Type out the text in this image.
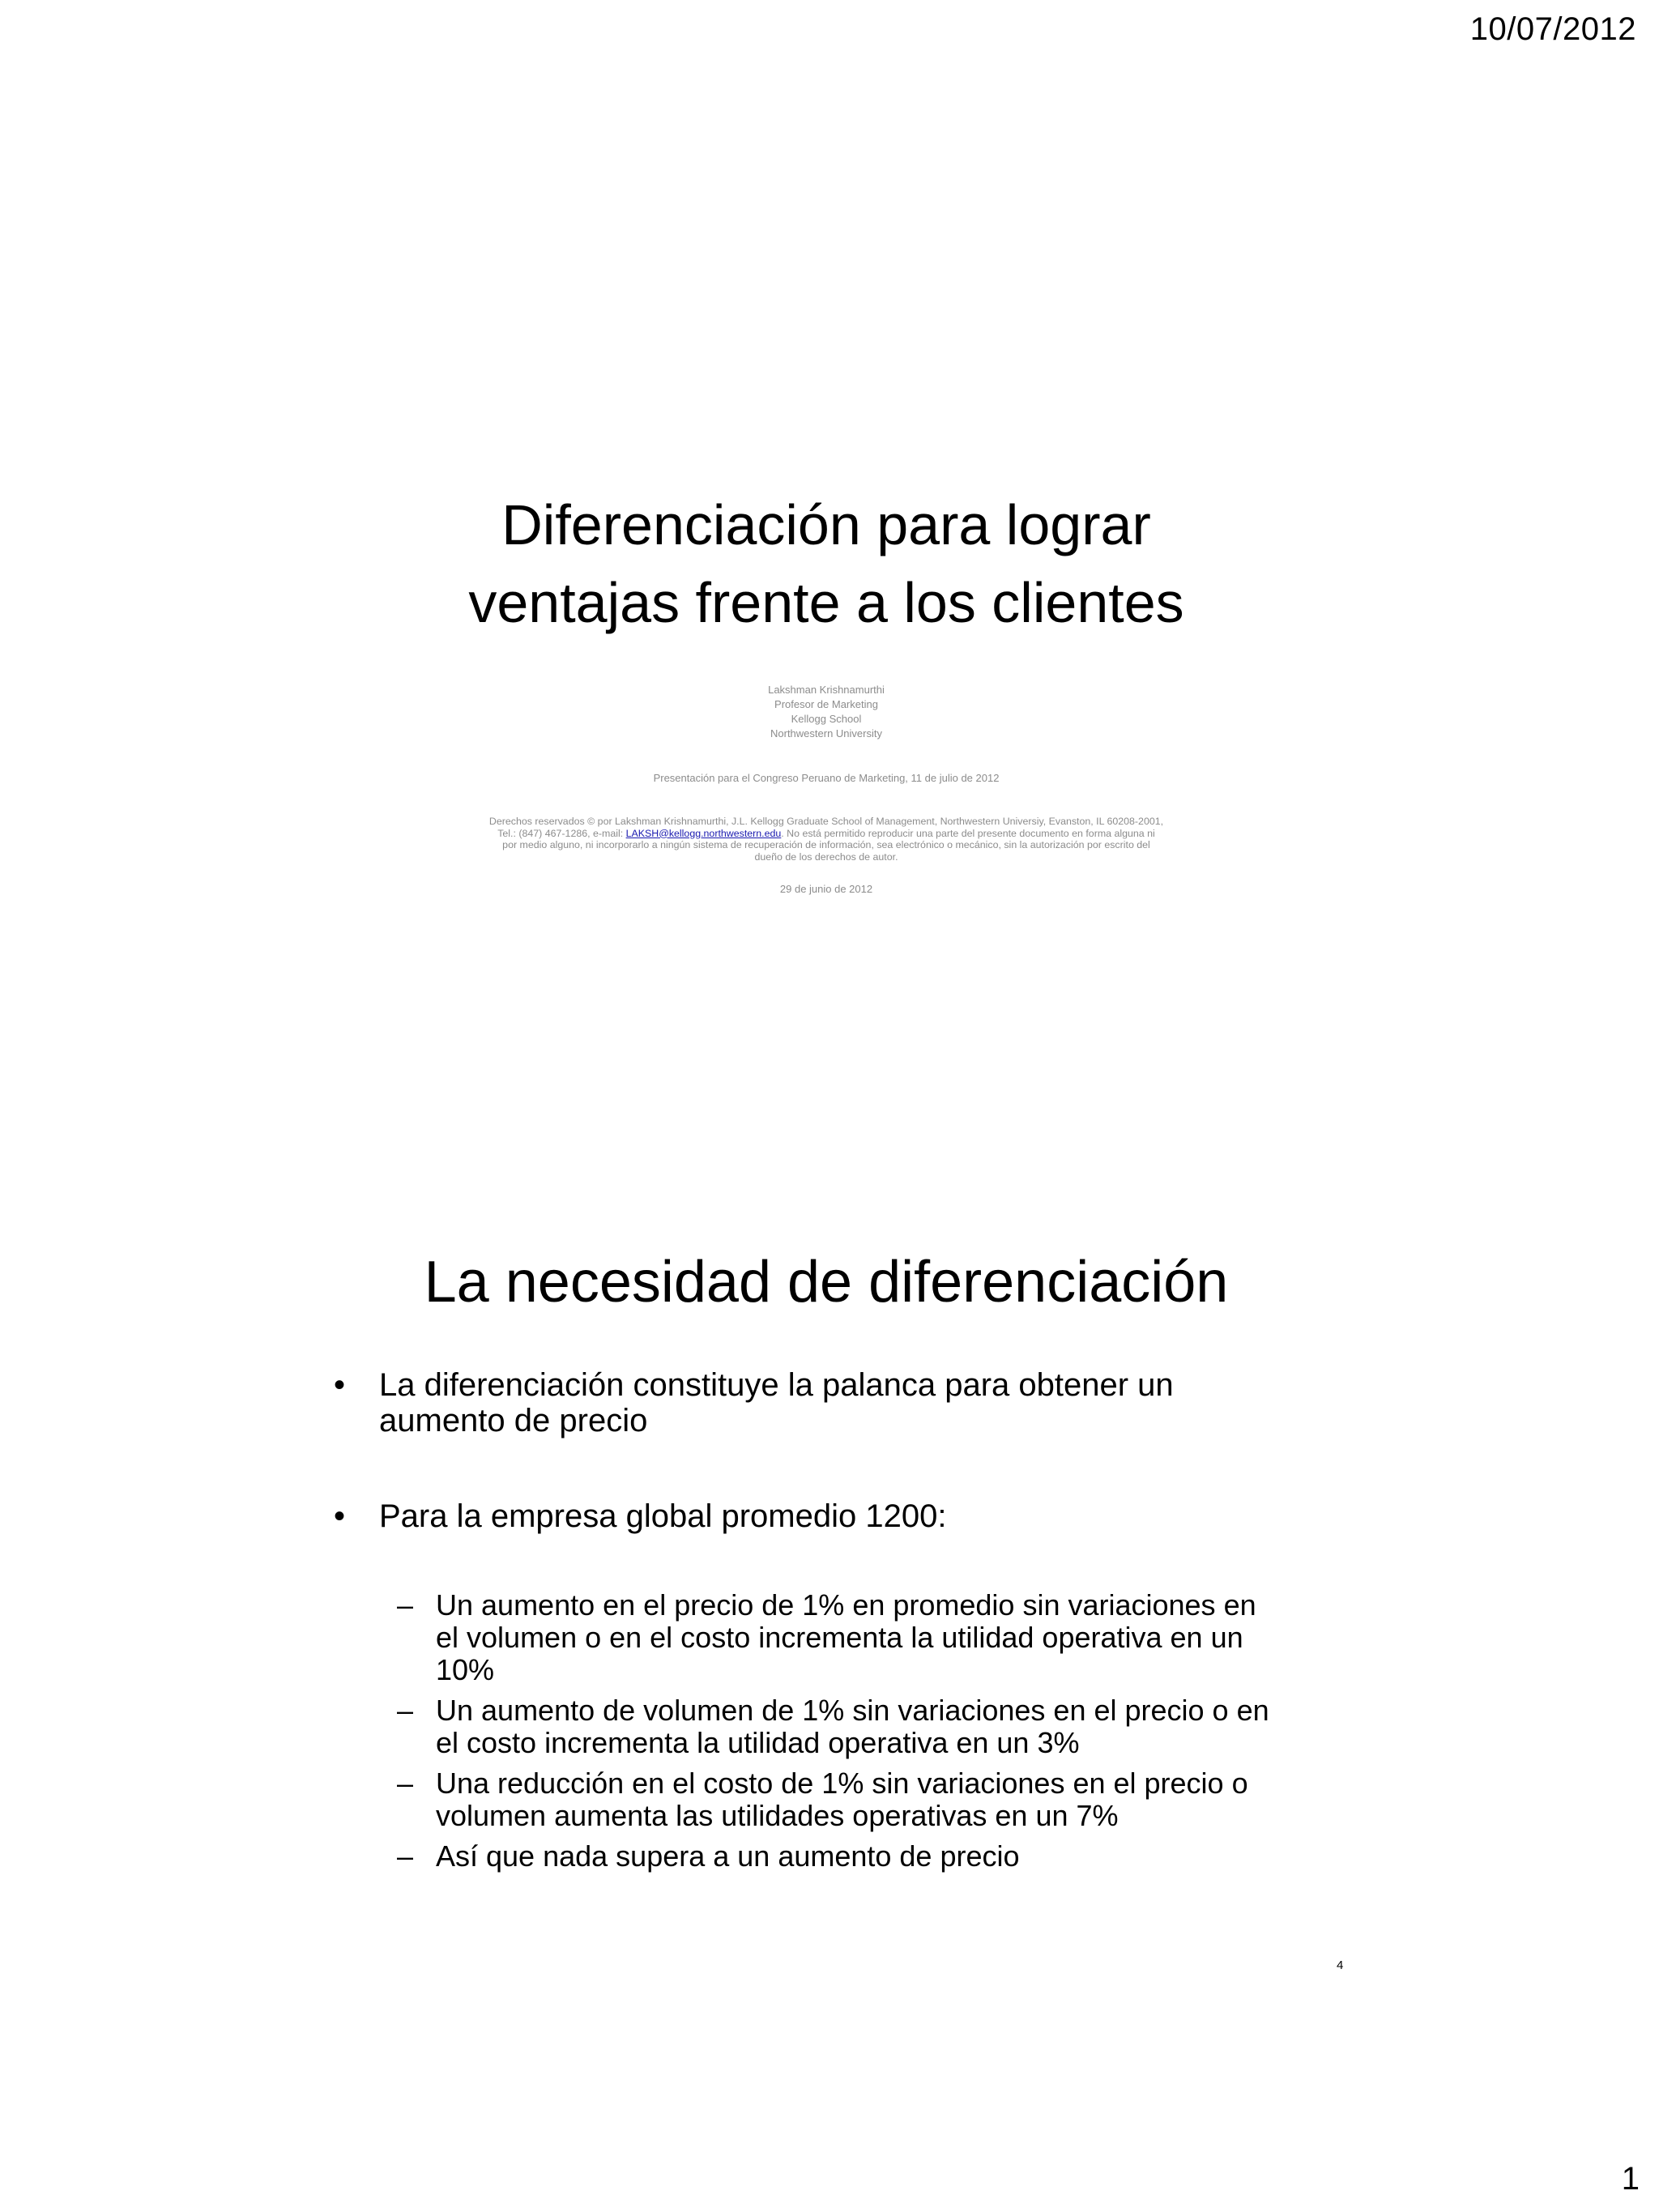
10/07/2012
Diferenciación para lograr
ventajas frente a los clientes
Lakshman Krishnamurthi
Profesor de Marketing
Kellogg School
Northwestern University
Presentación para el Congreso Peruano de Marketing, 11 de julio de 2012
Derechos reservados © por Lakshman Krishnamurthi, J.L. Kellogg Graduate School of Management, Northwestern Universiy, Evanston, IL 60208-2001,
Tel.: (847) 467-1286, e-mail: LAKSH@kellogg.northwestern.edu. No está permitido reproducir una parte del presente documento en forma alguna ni
por medio alguno, ni incorporarlo a ningún sistema de recuperación de información, sea electrónico o mecánico, sin la autorización por escrito del
dueño de los derechos de autor.
29 de junio de 2012
La necesidad de diferenciación
• La diferenciación constituye la palanca para obtener un
aumento de precio
• Para la empresa global promedio 1200:
– Un aumento en el precio de 1% en promedio sin variaciones en
el volumen o en el costo incrementa la utilidad operativa en un
10%
– Un aumento de volumen de 1% sin variaciones en el precio o en
el costo incrementa la utilidad operativa en un 3%
– Una reducción en el costo de 1% sin variaciones en el precio o
volumen aumenta las utilidades operativas en un 7%
– Así que nada supera a un aumento de precio
4
1
